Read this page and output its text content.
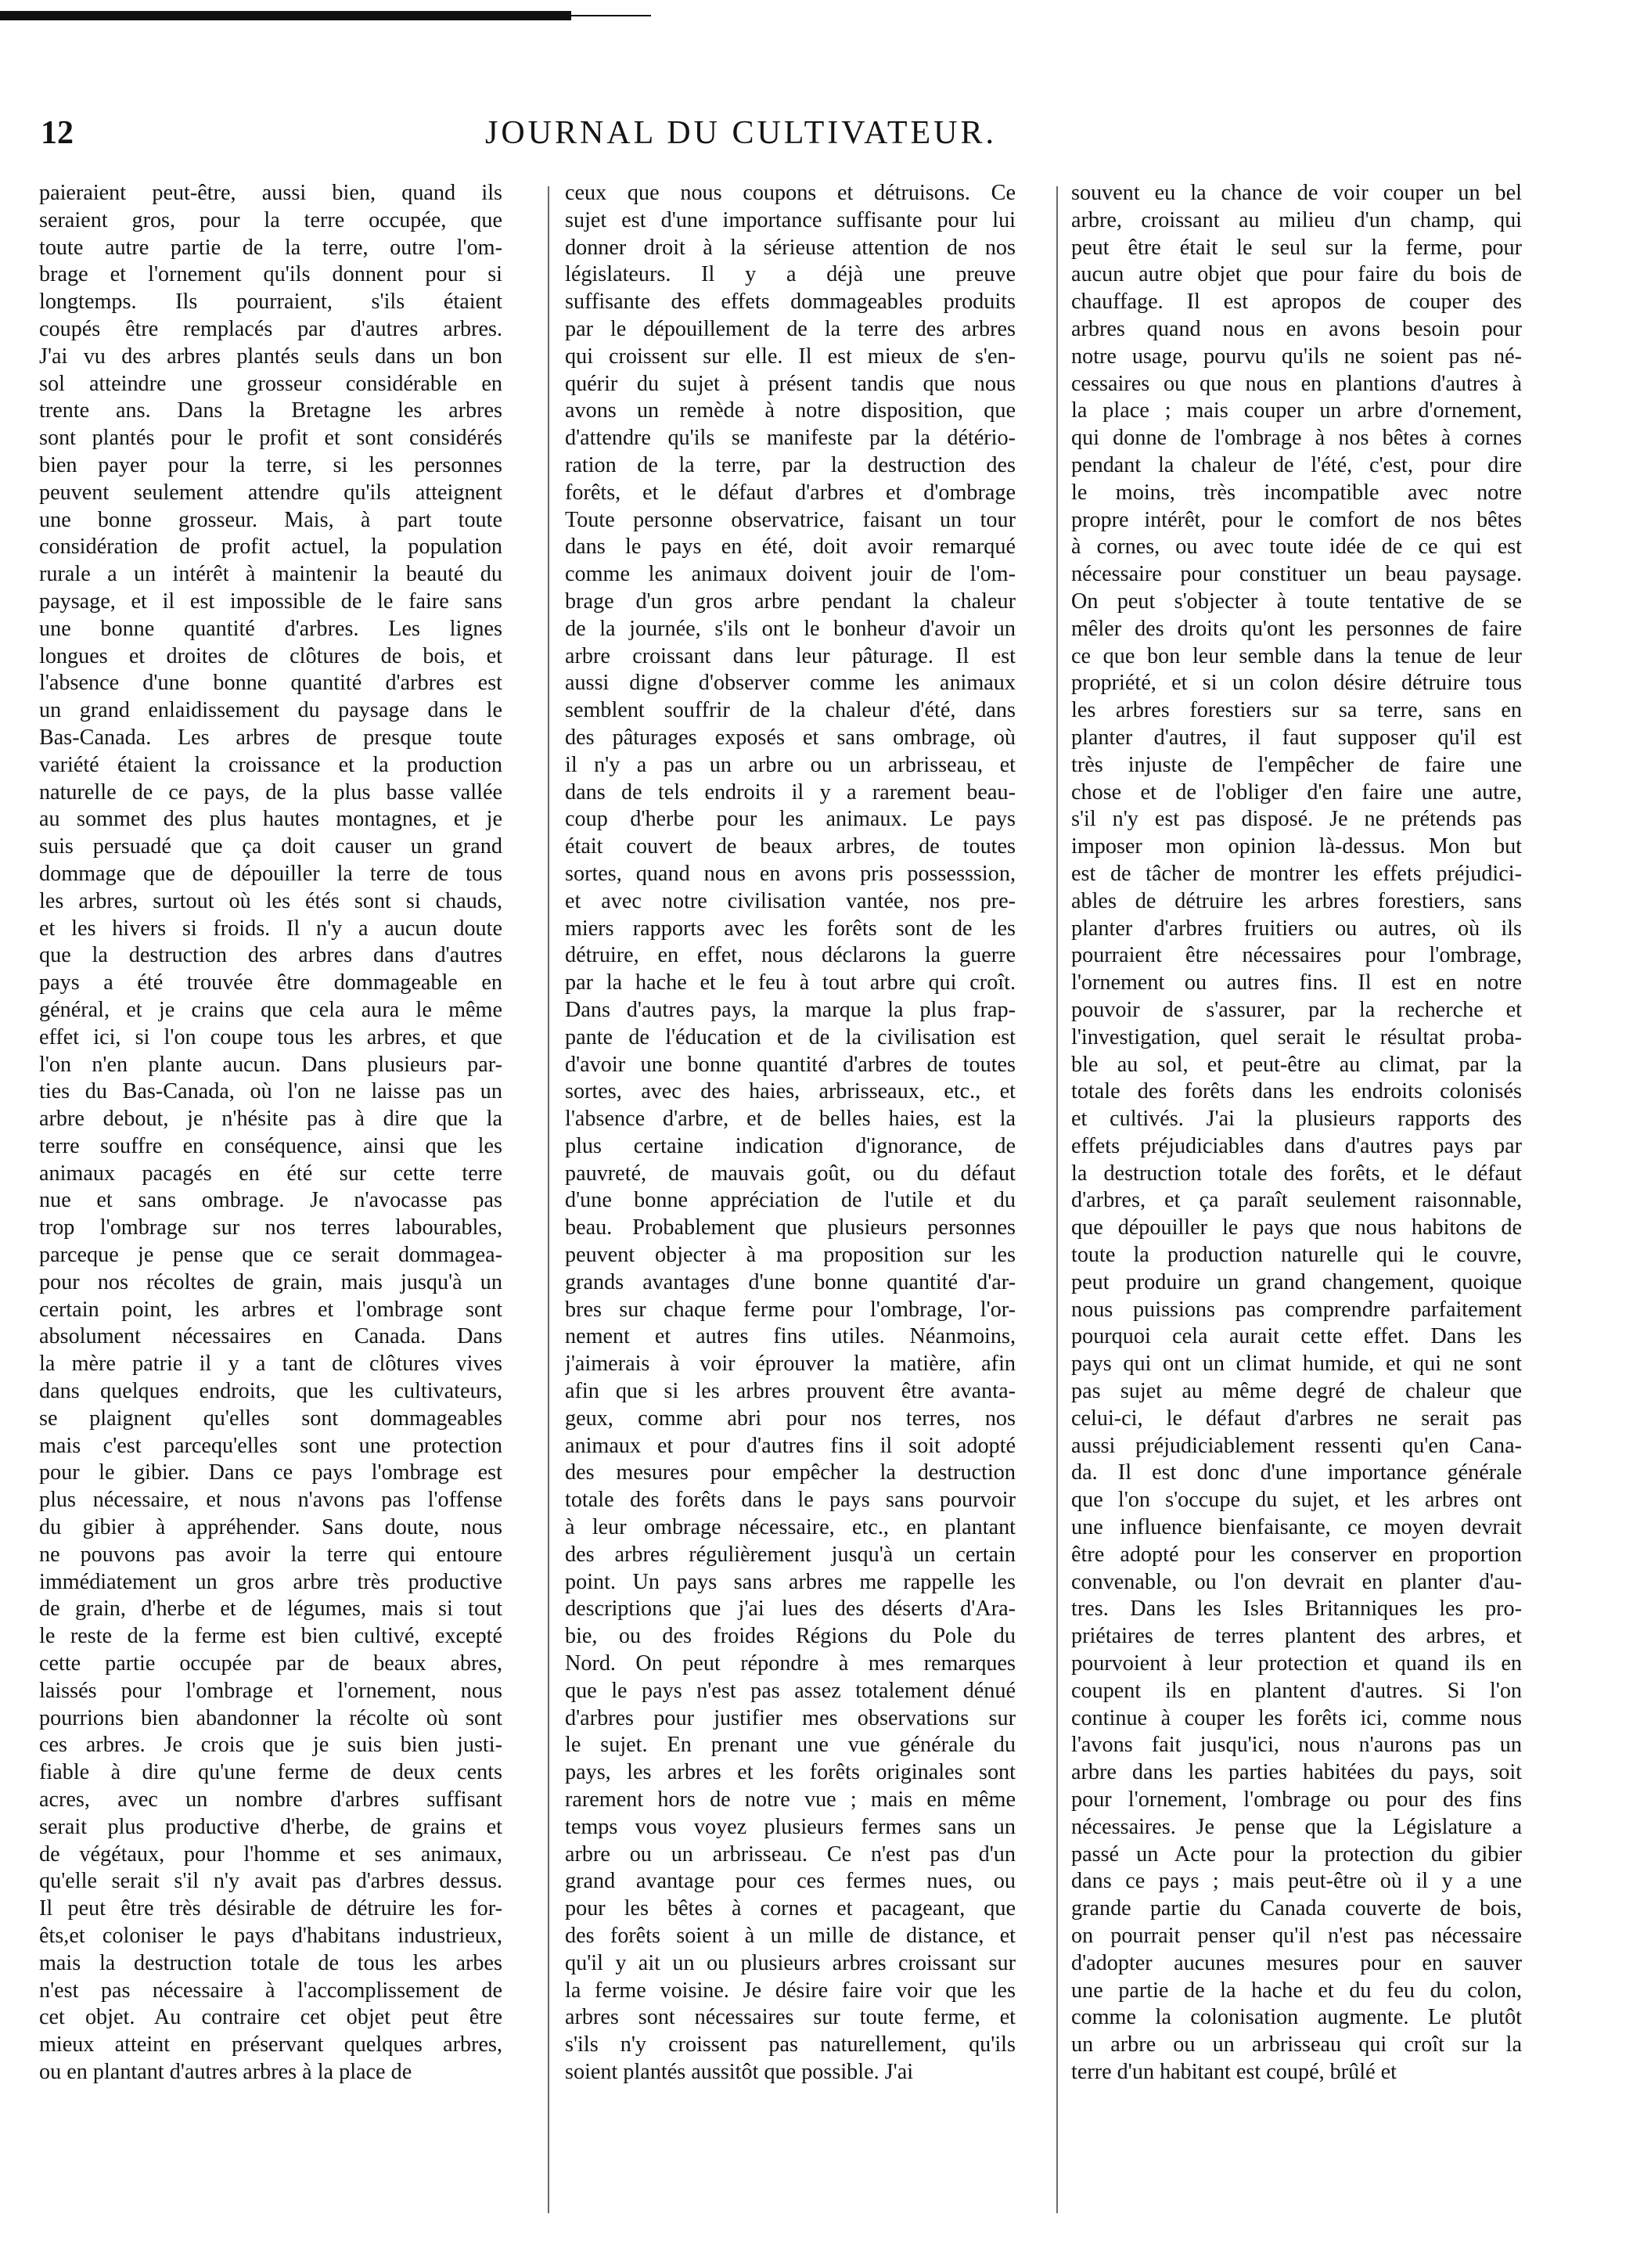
12	JOURNAL DU CULTIVATEUR.
paieraient peut-être, aussi bien, quand ils
seraient gros, pour la terre occupée, que
toute autre partie de la terre, outre l'om-
brage et l'ornement qu'ils donnent pour si
longtemps. Ils pourraient, s'ils étaient
coupés être remplacés par d'autres arbres.
J'ai vu des arbres plantés seuls dans un bon
sol atteindre une grosseur considérable en
trente ans. Dans la Bretagne les arbres
sont plantés pour le profit et sont considérés
bien payer pour la terre, si les personnes
peuvent seulement attendre qu'ils atteignent
une bonne grosseur. Mais, à part toute
considération de profit actuel, la population
rurale a un intérêt à maintenir la beauté du
paysage, et il est impossible de le faire sans
une bonne quantité d'arbres. Les lignes
longues et droites de clôtures de bois, et
l'absence d'une bonne quantité d'arbres est
un grand enlaidissement du paysage dans le
Bas-Canada. Les arbres de presque toute
variété étaient la croissance et la production
naturelle de ce pays, de la plus basse vallée
au sommet des plus hautes montagnes, et je
suis persuadé que ça doit causer un grand
dommage que de dépouiller la terre de tous
les arbres, surtout où les étés sont si chauds,
et les hivers si froids. Il n'y a aucun doute
que la destruction des arbres dans d'autres
pays a été trouvée être dommageable en
général, et je crains que cela aura le même
effet ici, si l'on coupe tous les arbres, et que
l'on n'en plante aucun. Dans plusieurs par-
ties du Bas-Canada, où l'on ne laisse pas un
arbre debout, je n'hésite pas à dire que la
terre souffre en conséquence, ainsi que les
animaux pacagés en été sur cette terre
nue et sans ombrage. Je n'avocasse pas
trop l'ombrage sur nos terres labourables,
parceque je pense que ce serait dommagea-
pour nos récoltes de grain, mais jusqu'à un
certain point, les arbres et l'ombrage sont
absolument nécessaires en Canada. Dans
la mère patrie il y a tant de clôtures vives
dans quelques endroits, que les cultivateurs,
se plaignent qu'elles sont dommageables
mais c'est parcequ'elles sont une protection
pour le gibier. Dans ce pays l'ombrage est
plus nécessaire, et nous n'avons pas l'offense
du gibier à appréhender. Sans doute, nous
ne pouvons pas avoir la terre qui entoure
immédiatement un gros arbre très productive
de grain, d'herbe et de légumes, mais si tout
le reste de la ferme est bien cultivé, excepté
cette partie occupée par de beaux abres,
laissés pour l'ombrage et l'ornement, nous
pourrions bien abandonner la récolte où sont
ces arbres. Je crois que je suis bien justi-
fiable à dire qu'une ferme de deux cents
acres, avec un nombre d'arbres suffisant
serait plus productive d'herbe, de grains et
de végétaux, pour l'homme et ses animaux,
qu'elle serait s'il n'y avait pas d'arbres dessus.
Il peut être très désirable de détruire les for-
êts,et coloniser le pays d'habitans industrieux,
mais la destruction totale de tous les arbes
n'est pas nécessaire à l'accomplissement de
cet objet. Au contraire cet objet peut être
mieux atteint en préservant quelques arbres,
ou en plantant d'autres arbres à la place de
ceux que nous coupons et détruisons. Ce
sujet est d'une importance suffisante pour lui
donner droit à la sérieuse attention de nos
législateurs. Il y a déjà une preuve
suffisante des effets dommageables produits
par le dépouillement de la terre des arbres
qui croissent sur elle. Il est mieux de s'en-
quérir du sujet à présent tandis que nous
avons un remède à notre disposition, que
d'attendre qu'ils se manifeste par la détério-
ration de la terre, par la destruction des
forêts, et le défaut d'arbres et d'ombrage
Toute personne observatrice, faisant un tour
dans le pays en été, doit avoir remarqué
comme les animaux doivent jouir de l'om-
brage d'un gros arbre pendant la chaleur
de la journée, s'ils ont le bonheur d'avoir un
arbre croissant dans leur pâturage. Il est
aussi digne d'observer comme les animaux
semblent souffrir de la chaleur d'été, dans
des pâturages exposés et sans ombrage, où
il n'y a pas un arbre ou un arbrisseau, et
dans de tels endroits il y a rarement beau-
coup d'herbe pour les animaux. Le pays
était couvert de beaux arbres, de toutes
sortes, quand nous en avons pris possesssion,
et avec notre civilisation vantée, nos pre-
miers rapports avec les forêts sont de les
détruire, en effet, nous déclarons la guerre
par la hache et le feu à tout arbre qui croît.
Dans d'autres pays, la marque la plus frap-
pante de l'éducation et de la civilisation est
d'avoir une bonne quantité d'arbres de toutes
sortes, avec des haies, arbrisseaux, etc., et
l'absence d'arbre, et de belles haies, est la
plus certaine indication d'ignorance, de
pauvreté, de mauvais goût, ou du défaut
d'une bonne appréciation de l'utile et du
beau. Probablement que plusieurs personnes
peuvent objecter à ma proposition sur les
grands avantages d'une bonne quantité d'ar-
bres sur chaque ferme pour l'ombrage, l'or-
nement et autres fins utiles. Néanmoins,
j'aimerais à voir éprouver la matière, afin
afin que si les arbres prouvent être avanta-
geux, comme abri pour nos terres, nos
animaux et pour d'autres fins il soit adopté
des mesures pour empêcher la destruction
totale des forêts dans le pays sans pourvoir
à leur ombrage nécessaire, etc., en plantant
des arbres régulièrement jusqu'à un certain
point. Un pays sans arbres me rappelle les
descriptions que j'ai lues des déserts d'Ara-
bie, ou des froides Régions du Pole du
Nord. On peut répondre à mes remarques
que le pays n'est pas assez totalement dénué
d'arbres pour justifier mes observations sur
le sujet. En prenant une vue générale du
pays, les arbres et les forêts originales sont
rarement hors de notre vue ; mais en même
temps vous voyez plusieurs fermes sans un
arbre ou un arbrisseau. Ce n'est pas d'un
grand avantage pour ces fermes nues, ou
pour les bêtes à cornes et pacageant, que
des forêts soient à un mille de distance, et
qu'il y ait un ou plusieurs arbres croissant sur
la ferme voisine. Je désire faire voir que les
arbres sont nécessaires sur toute ferme, et
s'ils n'y croissent pas naturellement, qu'ils
soient plantés aussitôt que possible. J'ai
souvent eu la chance de voir couper un bel
arbre, croissant au milieu d'un champ, qui
peut être était le seul sur la ferme, pour
aucun autre objet que pour faire du bois de
chauffage. Il est apropos de couper des
arbres quand nous en avons besoin pour
notre usage, pourvu qu'ils ne soient pas né-
cessaires ou que nous en plantions d'autres à
la place ; mais couper un arbre d'ornement,
qui donne de l'ombrage à nos bêtes à cornes
pendant la chaleur de l'été, c'est, pour dire
le moins, très incompatible avec notre
propre intérêt, pour le comfort de nos bêtes
à cornes, ou avec toute idée de ce qui est
nécessaire pour constituer un beau paysage.
On peut s'objecter à toute tentative de se
mêler des droits qu'ont les personnes de faire
ce que bon leur semble dans la tenue de leur
propriété, et si un colon désire détruire tous
les arbres forestiers sur sa terre, sans en
planter d'autres, il faut supposer qu'il est
très injuste de l'empêcher de faire une
chose et de l'obliger d'en faire une autre,
s'il n'y est pas disposé. Je ne prétends pas
imposer mon opinion là-dessus. Mon but
est de tâcher de montrer les effets préjudici-
ables de détruire les arbres forestiers, sans
planter d'arbres fruitiers ou autres, où ils
pourraient être nécessaires pour l'ombrage,
l'ornement ou autres fins. Il est en notre
pouvoir de s'assurer, par la recherche et
l'investigation, quel serait le résultat proba-
ble au sol, et peut-être au climat, par la
totale des forêts dans les endroits colonisés
et cultivés. J'ai la plusieurs rapports des
effets préjudiciables dans d'autres pays par
la destruction totale des forêts, et le défaut
d'arbres, et ça paraît seulement raisonnable,
que dépouiller le pays que nous habitons de
toute la production naturelle qui le couvre,
peut produire un grand changement, quoique
nous puissions pas comprendre parfaitement
pourquoi cela aurait cette effet. Dans les
pays qui ont un climat humide, et qui ne sont
pas sujet au même degré de chaleur que
celui-ci, le défaut d'arbres ne serait pas
aussi préjudiciablement ressenti qu'en Cana-
da. Il est donc d'une importance générale
que l'on s'occupe du sujet, et les arbres ont
une influence bienfaisante, ce moyen devrait
être adopté pour les conserver en proportion
convenable, ou l'on devrait en planter d'au-
tres. Dans les Isles Britanniques les pro-
priétaires de terres plantent des arbres, et
pourvoient à leur protection et quand ils en
coupent ils en plantent d'autres. Si l'on
continue à couper les forêts ici, comme nous
l'avons fait jusqu'ici, nous n'aurons pas un
arbre dans les parties habitées du pays, soit
pour l'ornement, l'ombrage ou pour des fins
nécessaires. Je pense que la Législature a
passé un Acte pour la protection du gibier
dans ce pays ; mais peut-être où il y a une
grande partie du Canada couverte de bois,
on pourrait penser qu'il n'est pas nécessaire
d'adopter aucunes mesures pour en sauver
une partie de la hache et du feu du colon,
comme la colonisation augmente. Le plutôt
un arbre ou un arbrisseau qui croît sur la
terre d'un habitant est coupé, brûlé et
